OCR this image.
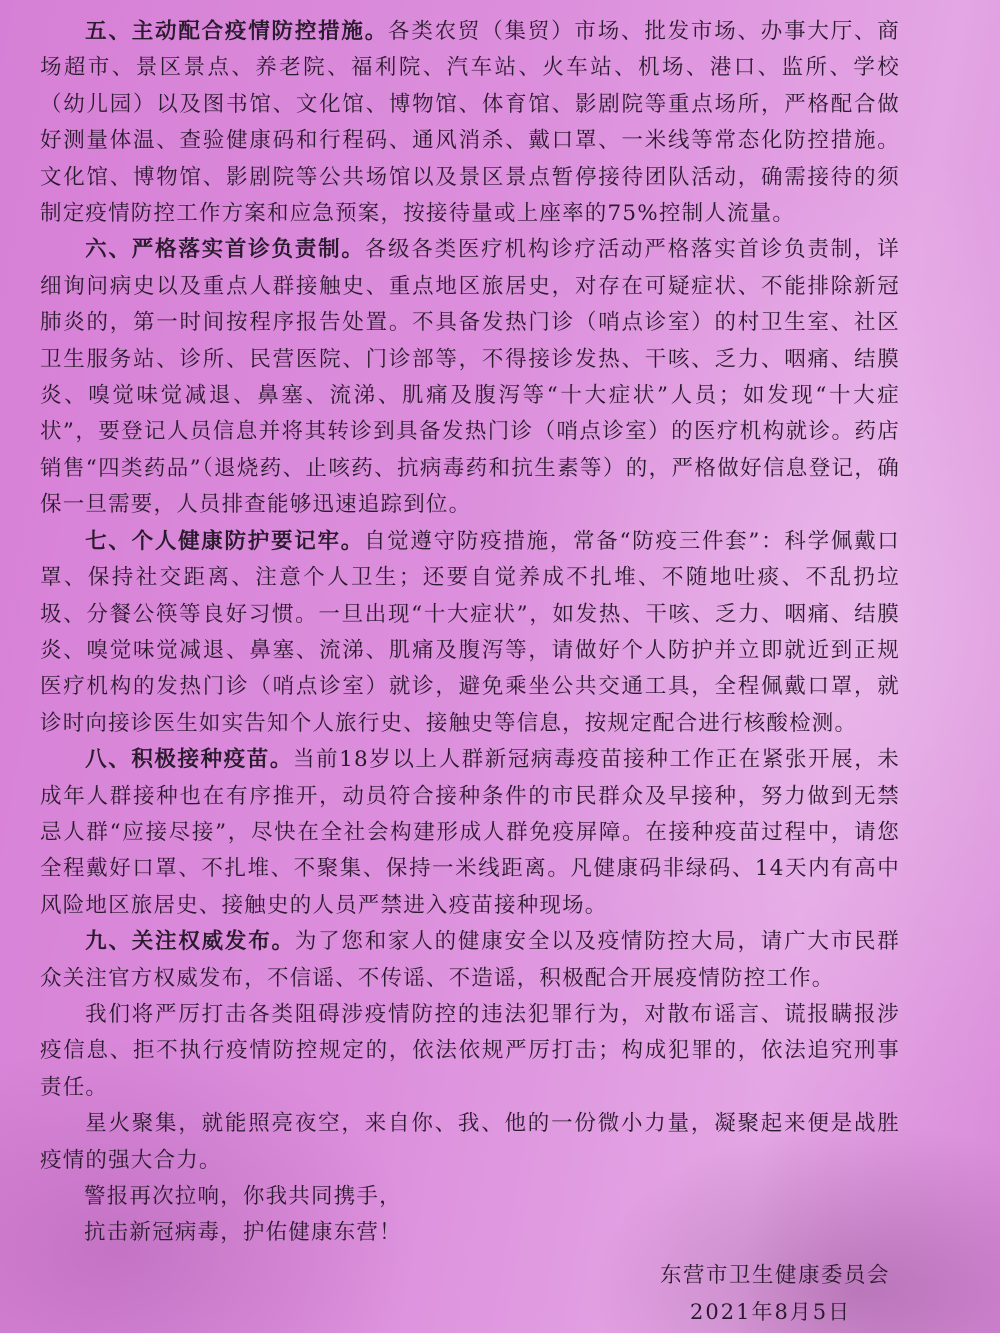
五、主动配合疫情防控措施。各类农贸（集贸）市场、批发市场、办事大厅、商场超市、景区景点、养老院、福利院、汽车站、火车站、机场、港口、监所、学校（幼儿园）以及图书馆、文化馆、博物馆、体育馆、影剧院等重点场所，严格配合做好测量体温、查验健康码和行程码、通风消杀、戴口罩、一米线等常态化防控措施。文化馆、博物馆、影剧院等公共场馆以及景区景点暂停接待团队活动，确需接待的须制定疫情防控工作方案和应急预案，按接待量或上座率的75%控制人流量。

六、严格落实首诊负责制。各级各类医疗机构诊疗活动严格落实首诊负责制，详细询问病史以及重点人群接触史、重点地区旅居史，对存在可疑症状、不能排除新冠肺炎的，第一时间按程序报告处置。不具备发热门诊（哨点诊室）的村卫生室、社区卫生服务站、诊所、民营医院、门诊部等，不得接诊发热、干咳、乏力、咽痛、结膜炎、嗅觉味觉减退、鼻塞、流涕、肌痛及腹泻等“十大症状”人员；如发现“十大症状”，要登记人员信息并将其转诊到具备发热门诊（哨点诊室）的医疗机构就诊。药店销售“四类药品”（退烧药、止咳药、抗病毒药和抗生素等）的，严格做好信息登记，确保一旦需要，人员排查能够迅速追踪到位。

七、个人健康防护要记牢。自觉遵守防疫措施，常备“防疫三件套”：科学佩戴口罩、保持社交距离、注意个人卫生；还要自觉养成不扎堆、不随地吐痰、不乱扔垃圾、分餐公筷等良好习惯。一旦出现“十大症状”，如发热、干咳、乏力、咽痛、结膜炎、嗅觉味觉减退、鼻塞、流涕、肌痛及腹泻等，请做好个人防护并立即就近到正规医疗机构的发热门诊（哨点诊室）就诊，避免乘坐公共交通工具，全程佩戴口罩，就诊时向接诊医生如实告知个人旅行史、接触史等信息，按规定配合进行核酸检测。

八、积极接种疫苗。当前18岁以上人群新冠病毒疫苗接种工作正在紧张开展，未成年人群接种也在有序推开，动员符合接种条件的市民群众及早接种，努力做到无禁忌人群“应接尽接”，尽快在全社会构建形成人群免疫屏障。在接种疫苗过程中，请您全程戴好口罩、不扎堆、不聚集、保持一米线距离。凡健康码非绿码、14天内有高中风险地区旅居史、接触史的人员严禁进入疫苗接种现场。

九、关注权威发布。为了您和家人的健康安全以及疫情防控大局，请广大市民群众关注官方权威发布，不信谣、不传谣、不造谣，积极配合开展疫情防控工作。

我们将严厉打击各类阻碍涉疫情防控的违法犯罪行为，对散布谣言、谎报瞒报涉疫信息、拒不执行疫情防控规定的，依法依规严厉打击；构成犯罪的，依法追究刑事责任。

星火聚集，就能照亮夜空，来自你、我、他的一份微小力量，凝聚起来便是战胜疫情的强大合力。

警报再次拉响，你我共同携手，

抗击新冠病毒，护佑健康东营！

东营市卫生健康委员会
2021年8月5日
